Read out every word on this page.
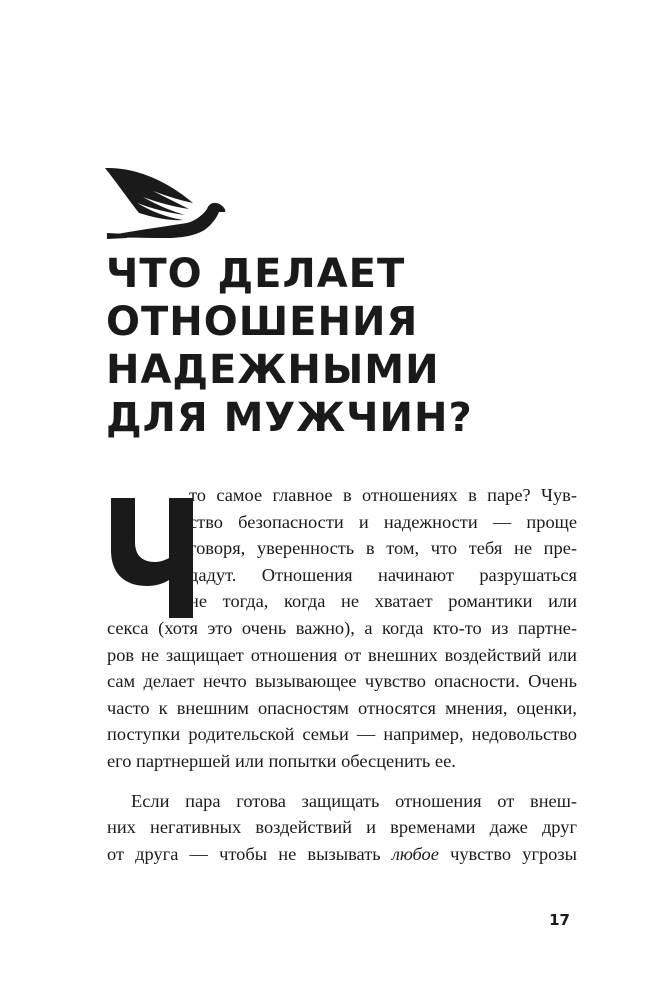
ЧТО ДЕЛАЕТ
ОТНОШЕНИЯ
НАДЕЖНЫМИ
ДЛЯ МУЖЧИН?
то самое главное в отношениях в паре? Чув-
ство безопасности и надежности — проще
говоря, уверенность в том, что тебя не пре-
дадут. Отношения начинают разрушаться
не тогда, когда не хватает романтики или
секса (хотя это очень важно), а когда кто-то из партне-
ров не защищает отношения от внешних воздействий или
сам делает нечто вызывающее чувство опасности. Очень
часто к внешним опасностям относятся мнения, оценки,
поступки родительской семьи — например, недовольство
его партнершей или попытки обесценить ее.
Если пара готова защищать отношения от внеш-
них негативных воздействий и временами даже друг
от друга — чтобы не вызывать любое чувство угрозы
17
